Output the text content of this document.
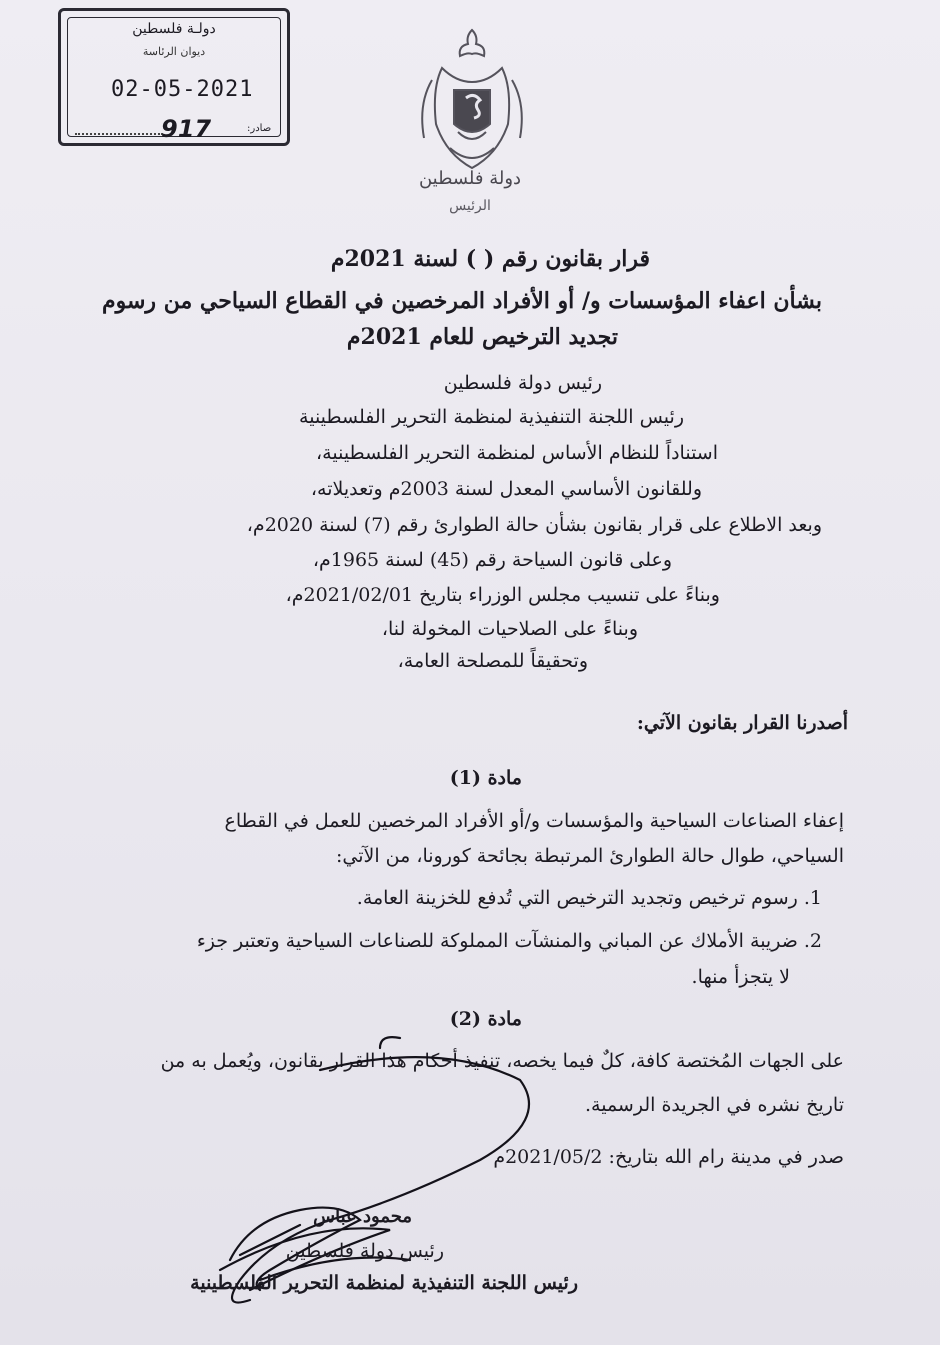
دولـة فلسطين
ديوان الرئاسة
02-05-2021
917	صادر:
دولة فلسطين
الرئيس
قرار بقانون رقم ( ) لسنة 2021م
بشأن اعفاء المؤسسات و/ أو الأفراد المرخصين في القطاع السياحي من رسوم
تجديد الترخيص للعام 2021م
رئيس دولة فلسطين
رئيس اللجنة التنفيذية لمنظمة التحرير الفلسطينية
استناداً للنظام الأساس لمنظمة التحرير الفلسطينية،
وللقانون الأساسي المعدل لسنة 2003م وتعديلاته،
وبعد الاطلاع على قرار بقانون بشأن حالة الطوارئ رقم (7) لسنة 2020م،
وعلى قانون السياحة رقم (45) لسنة 1965م،
وبناءً على تنسيب مجلس الوزراء بتاريخ 2021/02/01م،
وبناءً على الصلاحيات المخولة لنا،
وتحقيقاً للمصلحة العامة،
أصدرنا القرار بقانون الآتي:
مادة (1)
إعفاء الصناعات السياحية والمؤسسات و/أو الأفراد المرخصين للعمل في القطاع
السياحي، طوال حالة الطوارئ المرتبطة بجائحة كورونا، من الآتي:
1. رسوم ترخيص وتجديد الترخيص التي تُدفع للخزينة العامة.
2. ضريبة الأملاك عن المباني والمنشآت المملوكة للصناعات السياحية وتعتبر جزء
لا يتجزأ منها.
مادة (2)
على الجهات المُختصة كافة، كلٌ فيما يخصه، تنفيذ أحكام هذا القرار بقانون، ويُعمل به من
تاريخ نشره في الجريدة الرسمية.
صدر في مدينة رام الله بتاريخ: 2021/05/2م
محمود عباس
رئيس دولة فلسطين
رئيس اللجنة التنفيذية لمنظمة التحرير الفلسطينية
